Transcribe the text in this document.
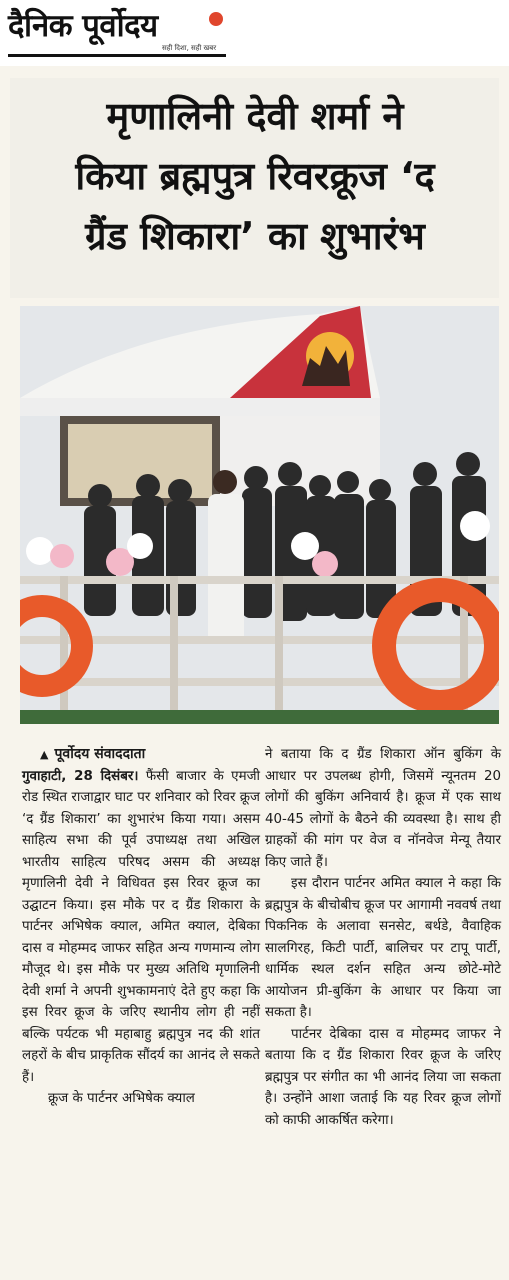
दैनिक पूर्वोदय
सही दिशा, सही खबर
मृणालिनी देवी शर्मा ने
किया ब्रह्मपुत्र रिवरक्रूज ‘द
ग्रैंड शिकारा’ का शुभारंभ
▲ पूर्वोदय संवाददाता

गुवाहाटी, 28 दिसंबर। फैंसी बाजार के एमजी रोड स्थित राजाद्वार घाट पर शनिवार को रिवर क्रूज ‘द ग्रैंड शिकारा’ का शुभारंभ किया गया। असम साहित्य सभा की पूर्व उपाध्यक्ष तथा अखिल भारतीय साहित्य परिषद असम की अध्यक्ष मृणालिनी देवी ने विधिवत इस रिवर क्रूज का उद्घाटन किया। इस मौके पर द ग्रैंड शिकारा के पार्टनर अभिषेक क्याल, अमित क्याल, देबिका दास व मोहम्मद जाफर सहित अन्य गणमान्य लोग मौजूद थे। इस मौके पर मुख्य अतिथि मृणालिनी देवी शर्मा ने अपनी शुभकामनाएं देते हुए कहा कि इस रिवर क्रूज के जरिए स्थानीय लोग ही नहीं बल्कि पर्यटक भी महाबाहु ब्रह्मपुत्र नद की शांत लहरों के बीच प्राकृतिक सौंदर्य का आनंद ले सकते हैं।

क्रूज के पार्टनर अभिषेक क्याल

ने बताया कि द ग्रैंड शिकारा ऑन बुकिंग के आधार पर उपलब्ध होगी, जिसमें न्यूनतम 20 लोगों की बुकिंग अनिवार्य है। क्रूज में एक साथ 40-45 लोगों के बैठने की व्यवस्था है। साथ ही ग्राहकों की मांग पर वेज व नॉनवेज मेन्यू तैयार किए जाते हैं।

इस दौरान पार्टनर अमित क्याल ने कहा कि ब्रह्मपुत्र के बीचोबीच क्रूज पर आगामी नववर्ष तथा पिकनिक के अलावा सनसेट, बर्थडे, वैवाहिक सालगिरह, किटी पार्टी, बालिचर पर टापू पार्टी, धार्मिक स्थल दर्शन सहित अन्य छोटे-मोटे आयोजन प्री-बुकिंग के आधार पर किया जा सकता है।

पार्टनर देबिका दास व मोहम्मद जाफर ने बताया कि द ग्रैंड शिकारा रिवर क्रूज के जरिए ब्रह्मपुत्र पर संगीत का भी आनंद लिया जा सकता है। उन्होंने आशा जताई कि यह रिवर क्रूज लोगों को काफी आकर्षित करेगा।
